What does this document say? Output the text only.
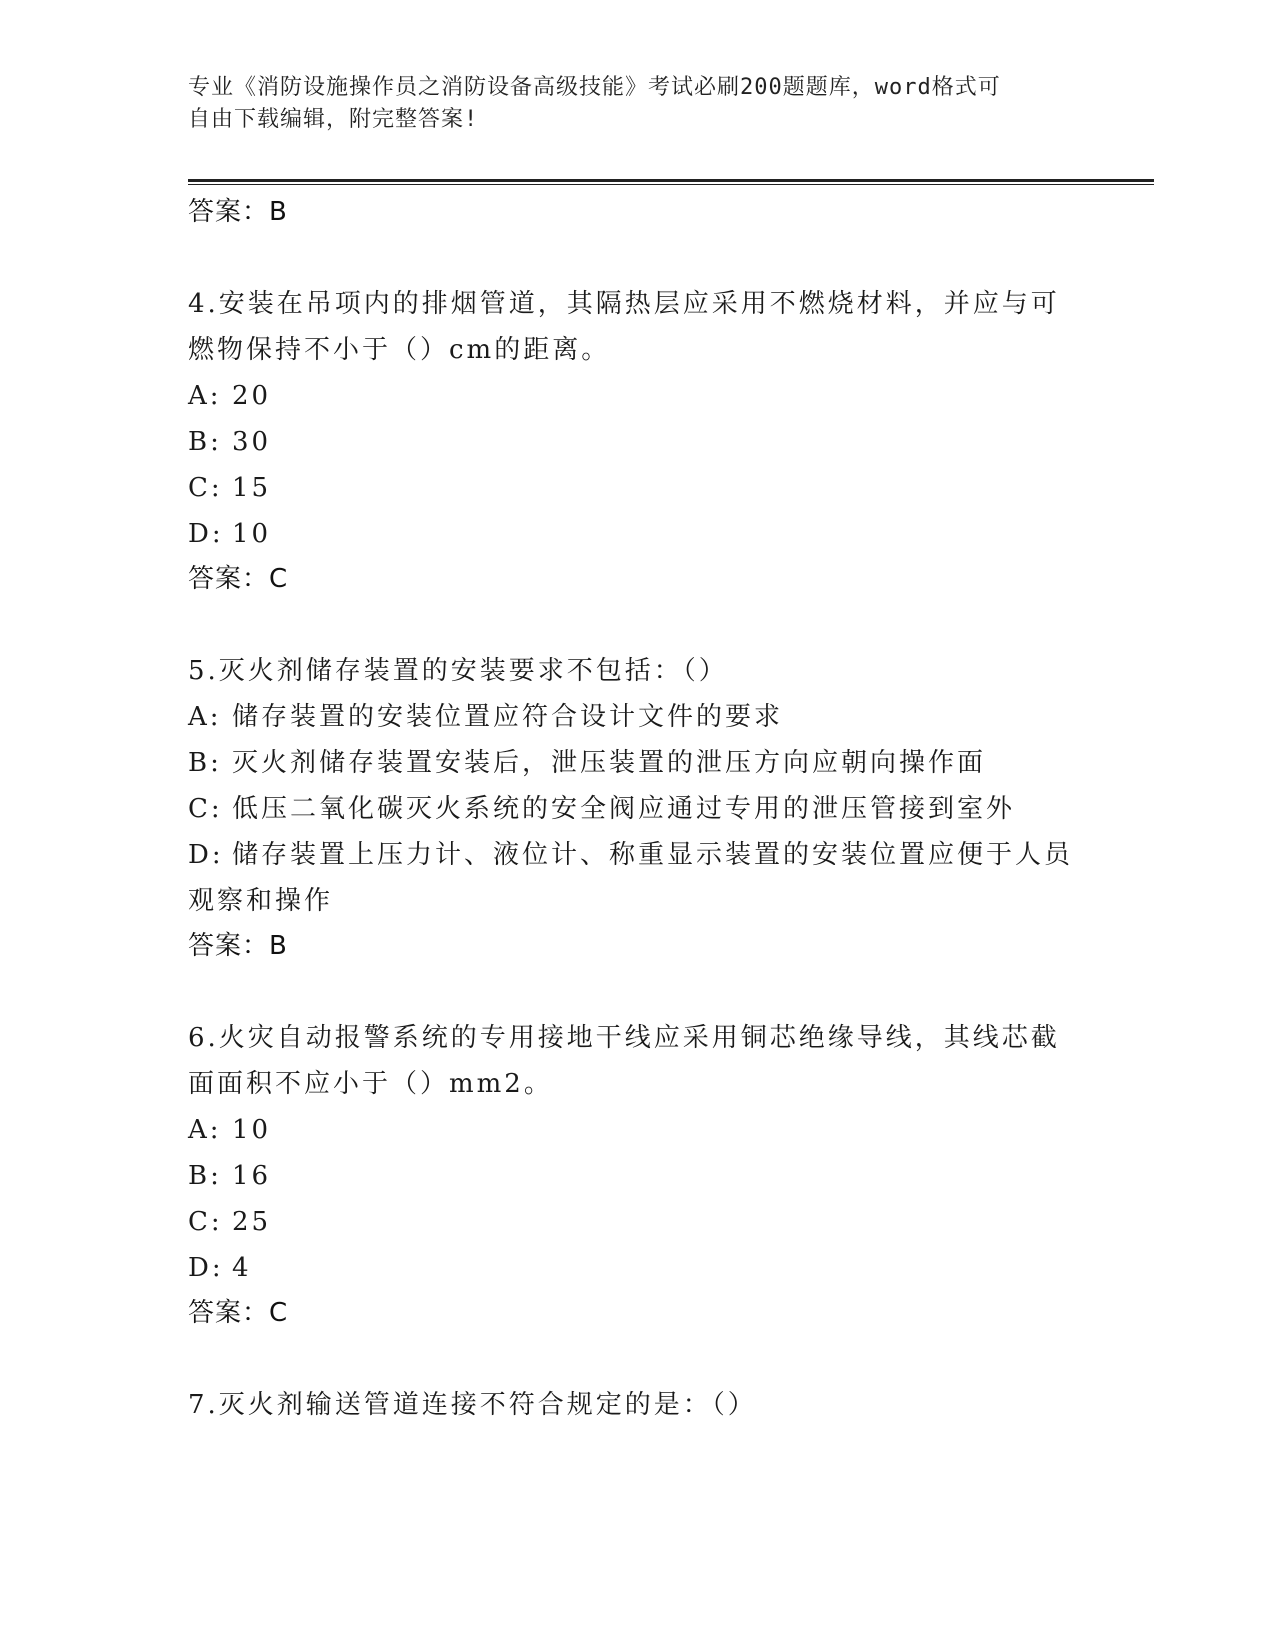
专业《消防设施操作员之消防设备高级技能》考试必刷200题题库，word格式可
自由下载编辑，附完整答案!
答案：B

4.安装在吊项内的排烟管道，其隔热层应采用不燃烧材料，并应与可燃物保持不小于（）cm的距离。

A: 20
B: 30
C: 15
D: 10
答案：C

5.灭火剂储存装置的安装要求不包括：（）

A: 储存装置的安装位置应符合设计文件的要求
B: 灭火剂储存装置安装后，泄压装置的泄压方向应朝向操作面
C: 低压二氧化碳灭火系统的安全阀应通过专用的泄压管接到室外
D: 储存装置上压力计、液位计、称重显示装置的安装位置应便于人员观察和操作
答案：B

6.火灾自动报警系统的专用接地干线应采用铜芯绝缘导线，其线芯截面面积不应小于（）mm2。

A: 10
B: 16
C: 25
D: 4
答案：C

7.灭火剂输送管道连接不符合规定的是：（）
